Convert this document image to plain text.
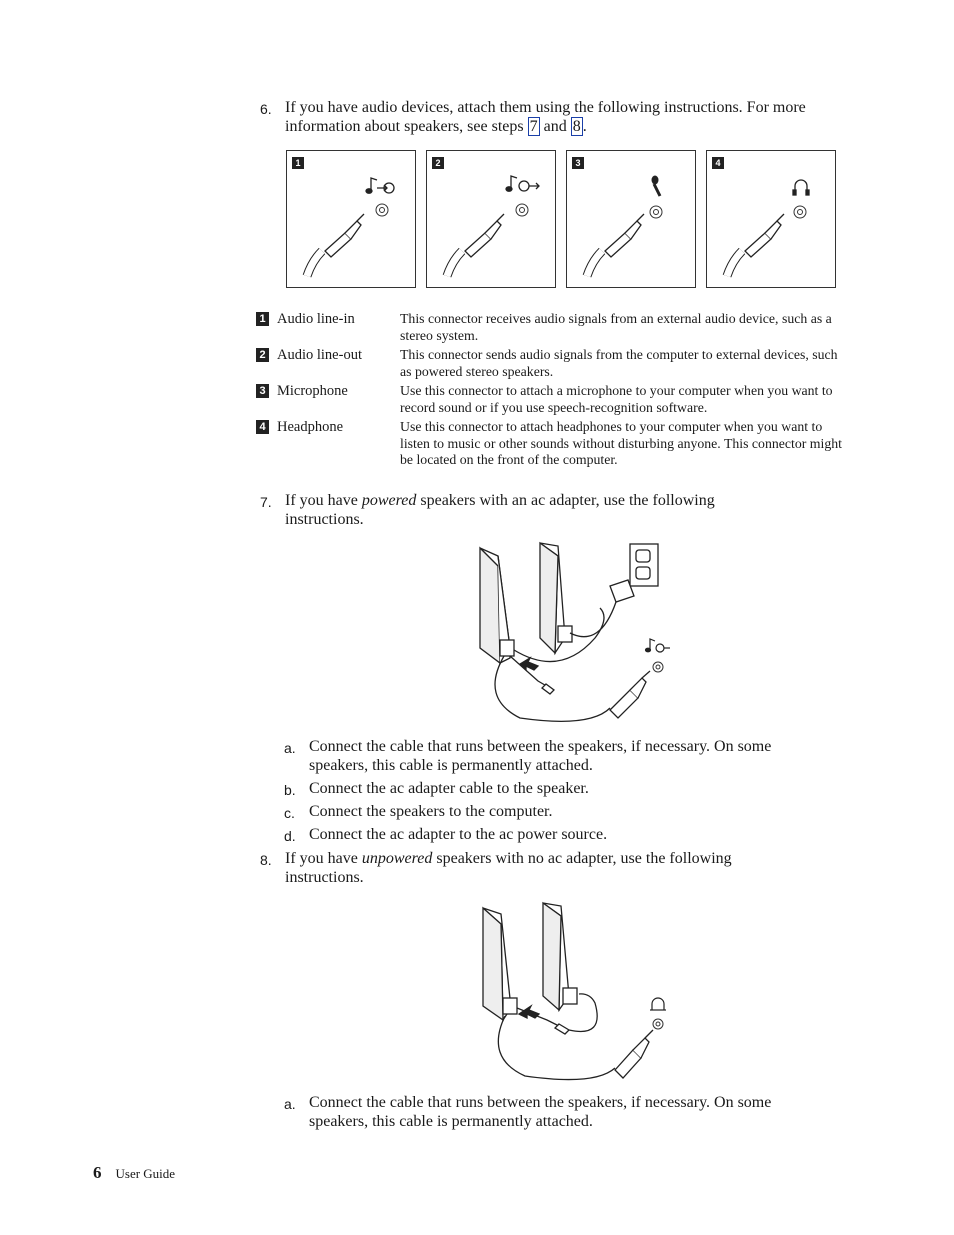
6. If you have audio devices, attach them using the following instructions. For more information about speakers, see steps 7 and 8 .
1	2	3	4
1 Audio line-in	This connector receives audio signals from an external audio device, such as a stereo system.
2 Audio line-out	This connector sends audio signals from the computer to external devices, such as powered stereo speakers.
3 Microphone	Use this connector to attach a microphone to your computer when you want to record sound or if you use speech-recognition software.
4 Headphone	Use this connector to attach headphones to your computer when you want to listen to music or other sounds without disturbing anyone. This connector might be located on the front of the computer.
7. If you have powered speakers with an ac adapter, use the following instructions.
a. Connect the cable that runs between the speakers, if necessary. On some speakers, this cable is permanently attached.
b. Connect the ac adapter cable to the speaker.
c. Connect the speakers to the computer.
d. Connect the ac adapter to the ac power source.
8. If you have unpowered speakers with no ac adapter, use the following instructions.
a. Connect the cable that runs between the speakers, if necessary. On some speakers, this cable is permanently attached.
6 User Guide
